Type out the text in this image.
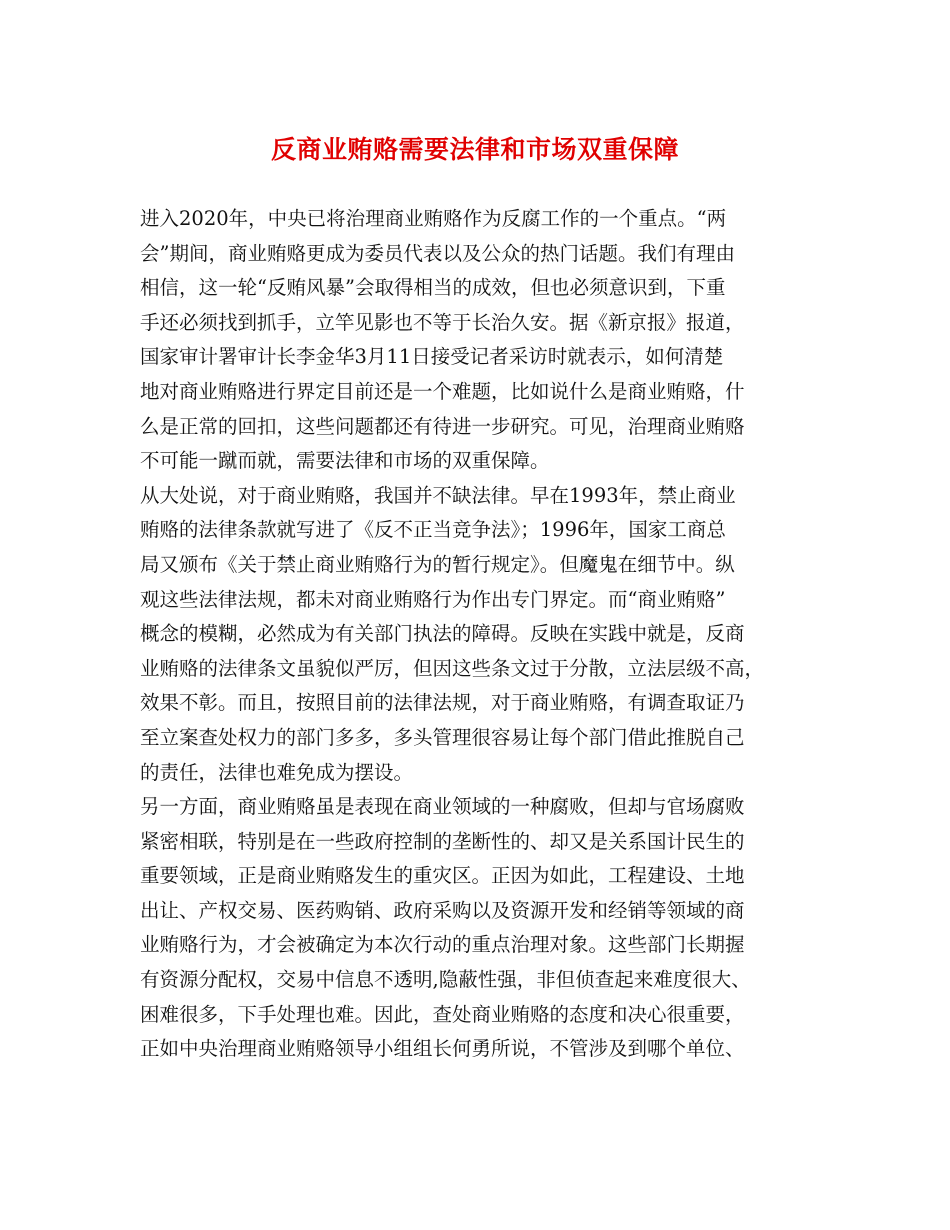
反商业贿赂需要法律和市场双重保障
进入2020年，中央已将治理商业贿赂作为反腐工作的一个重点。“两
会”期间，商业贿赂更成为委员代表以及公众的热门话题。我们有理由
相信，这一轮“反贿风暴”会取得相当的成效，但也必须意识到，下重
手还必须找到抓手，立竿见影也不等于长治久安。据《新京报》报道，
国家审计署审计长李金华3月11日接受记者采访时就表示，如何清楚
地对商业贿赂进行界定目前还是一个难题，比如说什么是商业贿赂，什
么是正常的回扣，这些问题都还有待进一步研究。可见，治理商业贿赂
不可能一蹴而就，需要法律和市场的双重保障。
从大处说，对于商业贿赂，我国并不缺法律。早在1993年，禁止商业
贿赂的法律条款就写进了《反不正当竞争法》；1996年，国家工商总
局又颁布《关于禁止商业贿赂行为的暂行规定》。但魔鬼在细节中。纵
观这些法律法规，都未对商业贿赂行为作出专门界定。而“商业贿赂”
概念的模糊，必然成为有关部门执法的障碍。反映在实践中就是，反商
业贿赂的法律条文虽貌似严厉，但因这些条文过于分散，立法层级不高，
效果不彰。而且，按照目前的法律法规，对于商业贿赂，有调查取证乃
至立案查处权力的部门多多，多头管理很容易让每个部门借此推脱自己
的责任，法律也难免成为摆设。
另一方面，商业贿赂虽是表现在商业领域的一种腐败，但却与官场腐败
紧密相联，特别是在一些政府控制的垄断性的、却又是关系国计民生的
重要领域，正是商业贿赂发生的重灾区。正因为如此，工程建设、土地
出让、产权交易、医药购销、政府采购以及资源开发和经销等领域的商
业贿赂行为，才会被确定为本次行动的重点治理对象。这些部门长期握
有资源分配权，交易中信息不透明,隐蔽性强，非但侦查起来难度很大、
困难很多，下手处理也难。因此，查处商业贿赂的态度和决心很重要，
正如中央治理商业贿赂领导小组组长何勇所说，不管涉及到哪个单位、
